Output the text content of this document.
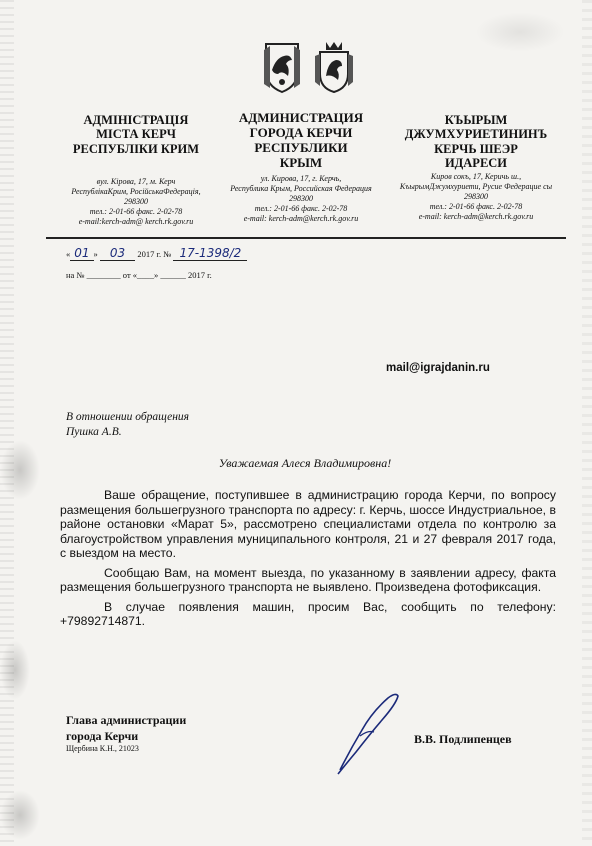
АДМІНІСТРАЦІЯ
МІСТА КЕРЧ
РЕСПУБЛІКИ КРИМ
вул. Кірова, 17, м. Керч
РеспублікаКрим, РосійськаФедерація,
298300
тел.: 2-01-66 факс. 2-02-78
e-mail:kerch-adm@ kerch.rk.gov.ru
АДМИНИСТРАЦИЯ
ГОРОДА КЕРЧИ
РЕСПУБЛИКИ
КРЫМ
ул. Кирова, 17, г. Керчь,
Республика Крым, Российская Федерация
298300
тел.: 2-01-66 факс. 2-02-78
e-mail: kerch-adm@kerch.rk.gov.ru
КЪЫРЫМ
ДЖУМХУРИЕТИНИНЪ
КЕРЧЬ ШЕЭР
ИДАРЕСИ
Киров сокъ, 17, Керичь ш.,
КъырымДжумхуриети, Русие Федерацие сы
298300
тел.: 2-01-66 факс. 2-02-78
e-mail: kerch-adm@kerch.rk.gov.ru
« 01 » 03 2017 г. № 17-1398/2
на № ________ от «____» ______ 2017 г.
mail@igrajdanin.ru
В отношении обращения
Пушка А.В.
Уважаемая Алеся Владимировна!

Ваше обращение, поступившее в администрацию города Керчи, по вопросу размещения большегрузного транспорта по адресу: г. Керчь, шоссе Индустриальное, в районе остановки «Марат 5», рассмотрено специалистами отдела по контролю за благоустройством управления муниципального контроля, 21 и 27 февраля 2017 года, с выездом на место.

Сообщаю Вам, на момент выезда, по указанному в заявлении адресу, факта размещения большегрузного транспорта не выявлено. Произведена фотофиксация.

В случае появления машин, просим Вас, сообщить по телефону: +79892714871.

Глава администрации
города Керчи
Щербина К.Н., 21023
В.В. Подлипенцев
